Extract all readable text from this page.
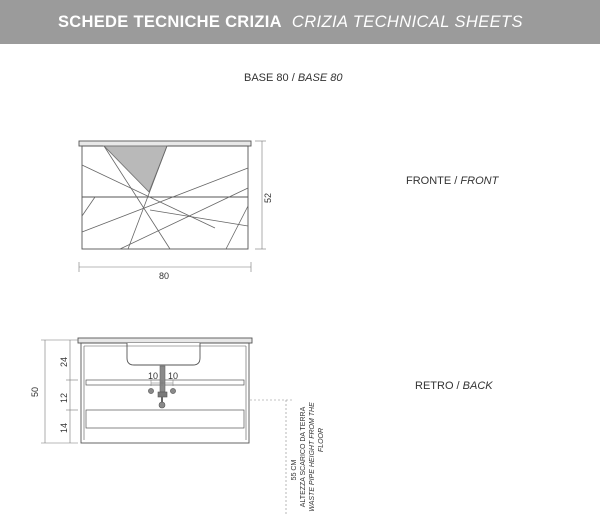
SCHEDE TECNICHE CRIZIA CRIZIA TECHNICAL SHEETS
BASE 80 / BASE 80
FRONTE / FRONT
RETRO / BACK
52
80
50
24
12
14
10 10
55 CM ALTEZZA SCARICO DA TERRA WASTE PIPE HEIGHT FROM THE FLOOR
